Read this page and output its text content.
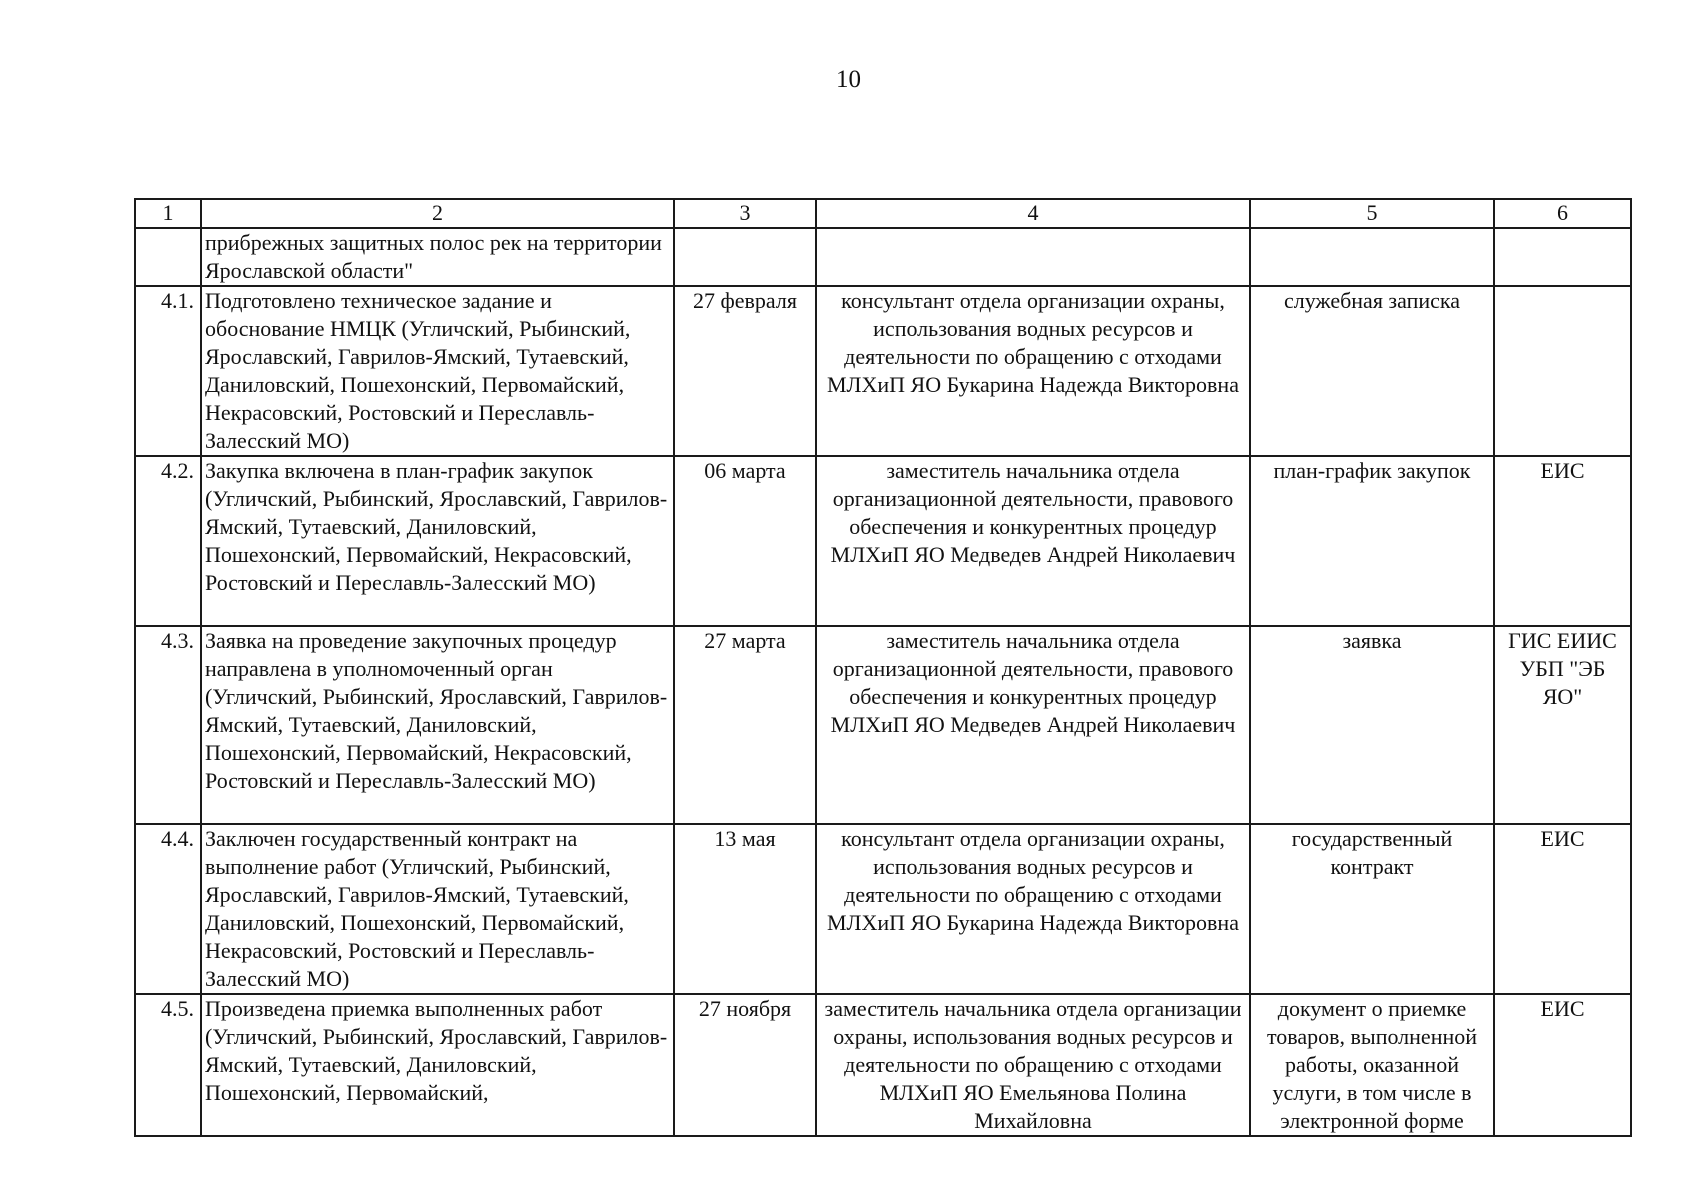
10
1	2	3	4	5	6
	прибрежных защитных полос рек на территории Ярославской области"				
4.1.	Подготовлено техническое задание и обоснование НМЦК (Угличский, Рыбинский, Ярославский, Гаврилов-Ямский, Тутаевский, Даниловский, Пошехонский, Первомайский, Некрасовский, Ростовский и Переславль-Залесский МО)	27 февраля	консультант отдела организации охраны, использования водных ресурсов и деятельности по обращению с отходами МЛХиП ЯО Букарина Надежда Викторовна	служебная записка	
4.2.	Закупка включена в план-график закупок (Угличский, Рыбинский, Ярославский, Гаврилов-Ямский, Тутаевский, Даниловский, Пошехонский, Первомайский, Некрасовский, Ростовский и Переславль-Залесский МО)	06 марта	заместитель начальника отдела организационной деятельности, правового обеспечения и конкурентных процедур МЛХиП ЯО Медведев Андрей Николаевич	план-график закупок	ЕИС
4.3.	Заявка на проведение закупочных процедур направлена в уполномоченный орган (Угличский, Рыбинский, Ярославский, Гаврилов-Ямский, Тутаевский, Даниловский, Пошехонский, Первомайский, Некрасовский, Ростовский и Переславль-Залесский МО)	27 марта	заместитель начальника отдела организационной деятельности, правового обеспечения и конкурентных процедур МЛХиП ЯО Медведев Андрей Николаевич	заявка	ГИС ЕИИС УБП "ЭБ ЯО"
4.4.	Заключен государственный контракт на выполнение работ (Угличский, Рыбинский, Ярославский, Гаврилов-Ямский, Тутаевский, Даниловский, Пошехонский, Первомайский, Некрасовский, Ростовский и Переславль-Залесский МО)	13 мая	консультант отдела организации охраны, использования водных ресурсов и деятельности по обращению с отходами МЛХиП ЯО Букарина Надежда Викторовна	государственный контракт	ЕИС
4.5.	Произведена приемка выполненных работ (Угличский, Рыбинский, Ярославский, Гаврилов-Ямский, Тутаевский, Даниловский, Пошехонский, Первомайский,	27 ноября	заместитель начальника отдела организации охраны, использования водных ресурсов и деятельности по обращению с отходами МЛХиП ЯО Емельянова Полина Михайловна	документ о приемке товаров, выполненной работы, оказанной услуги, в том числе в электронной форме	ЕИС
